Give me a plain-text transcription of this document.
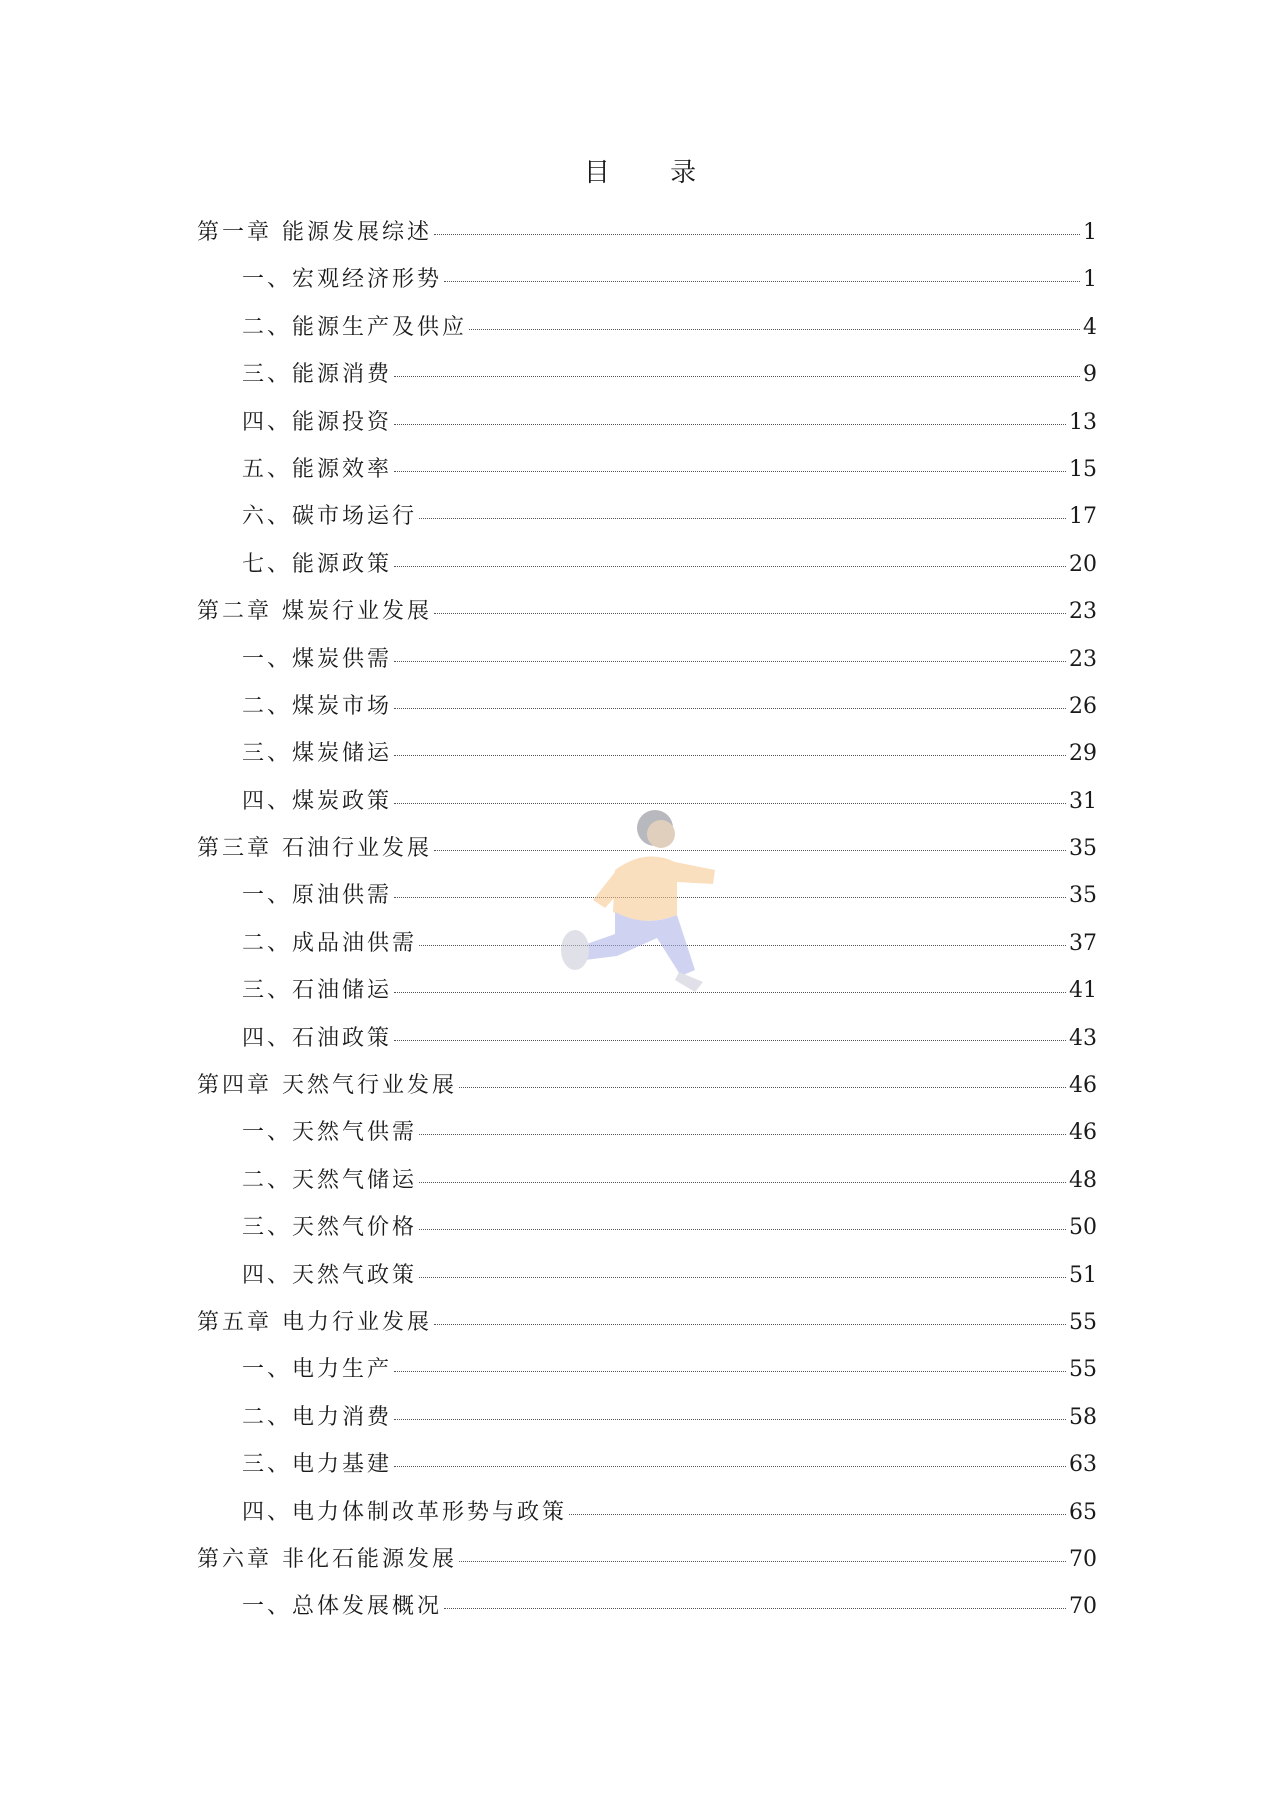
目 录
第一章 能源发展综述	1
一、宏观经济形势	1
二、能源生产及供应	4
三、能源消费	9
四、能源投资	13
五、能源效率	15
六、碳市场运行	17
七、能源政策	20
第二章 煤炭行业发展	23
一、煤炭供需	23
二、煤炭市场	26
三、煤炭储运	29
四、煤炭政策	31
第三章 石油行业发展	35
一、原油供需	35
二、成品油供需	37
三、石油储运	41
四、石油政策	43
第四章 天然气行业发展	46
一、天然气供需	46
二、天然气储运	48
三、天然气价格	50
四、天然气政策	51
第五章 电力行业发展	55
一、电力生产	55
二、电力消费	58
三、电力基建	63
四、电力体制改革形势与政策	65
第六章 非化石能源发展	70
一、总体发展概况	70
